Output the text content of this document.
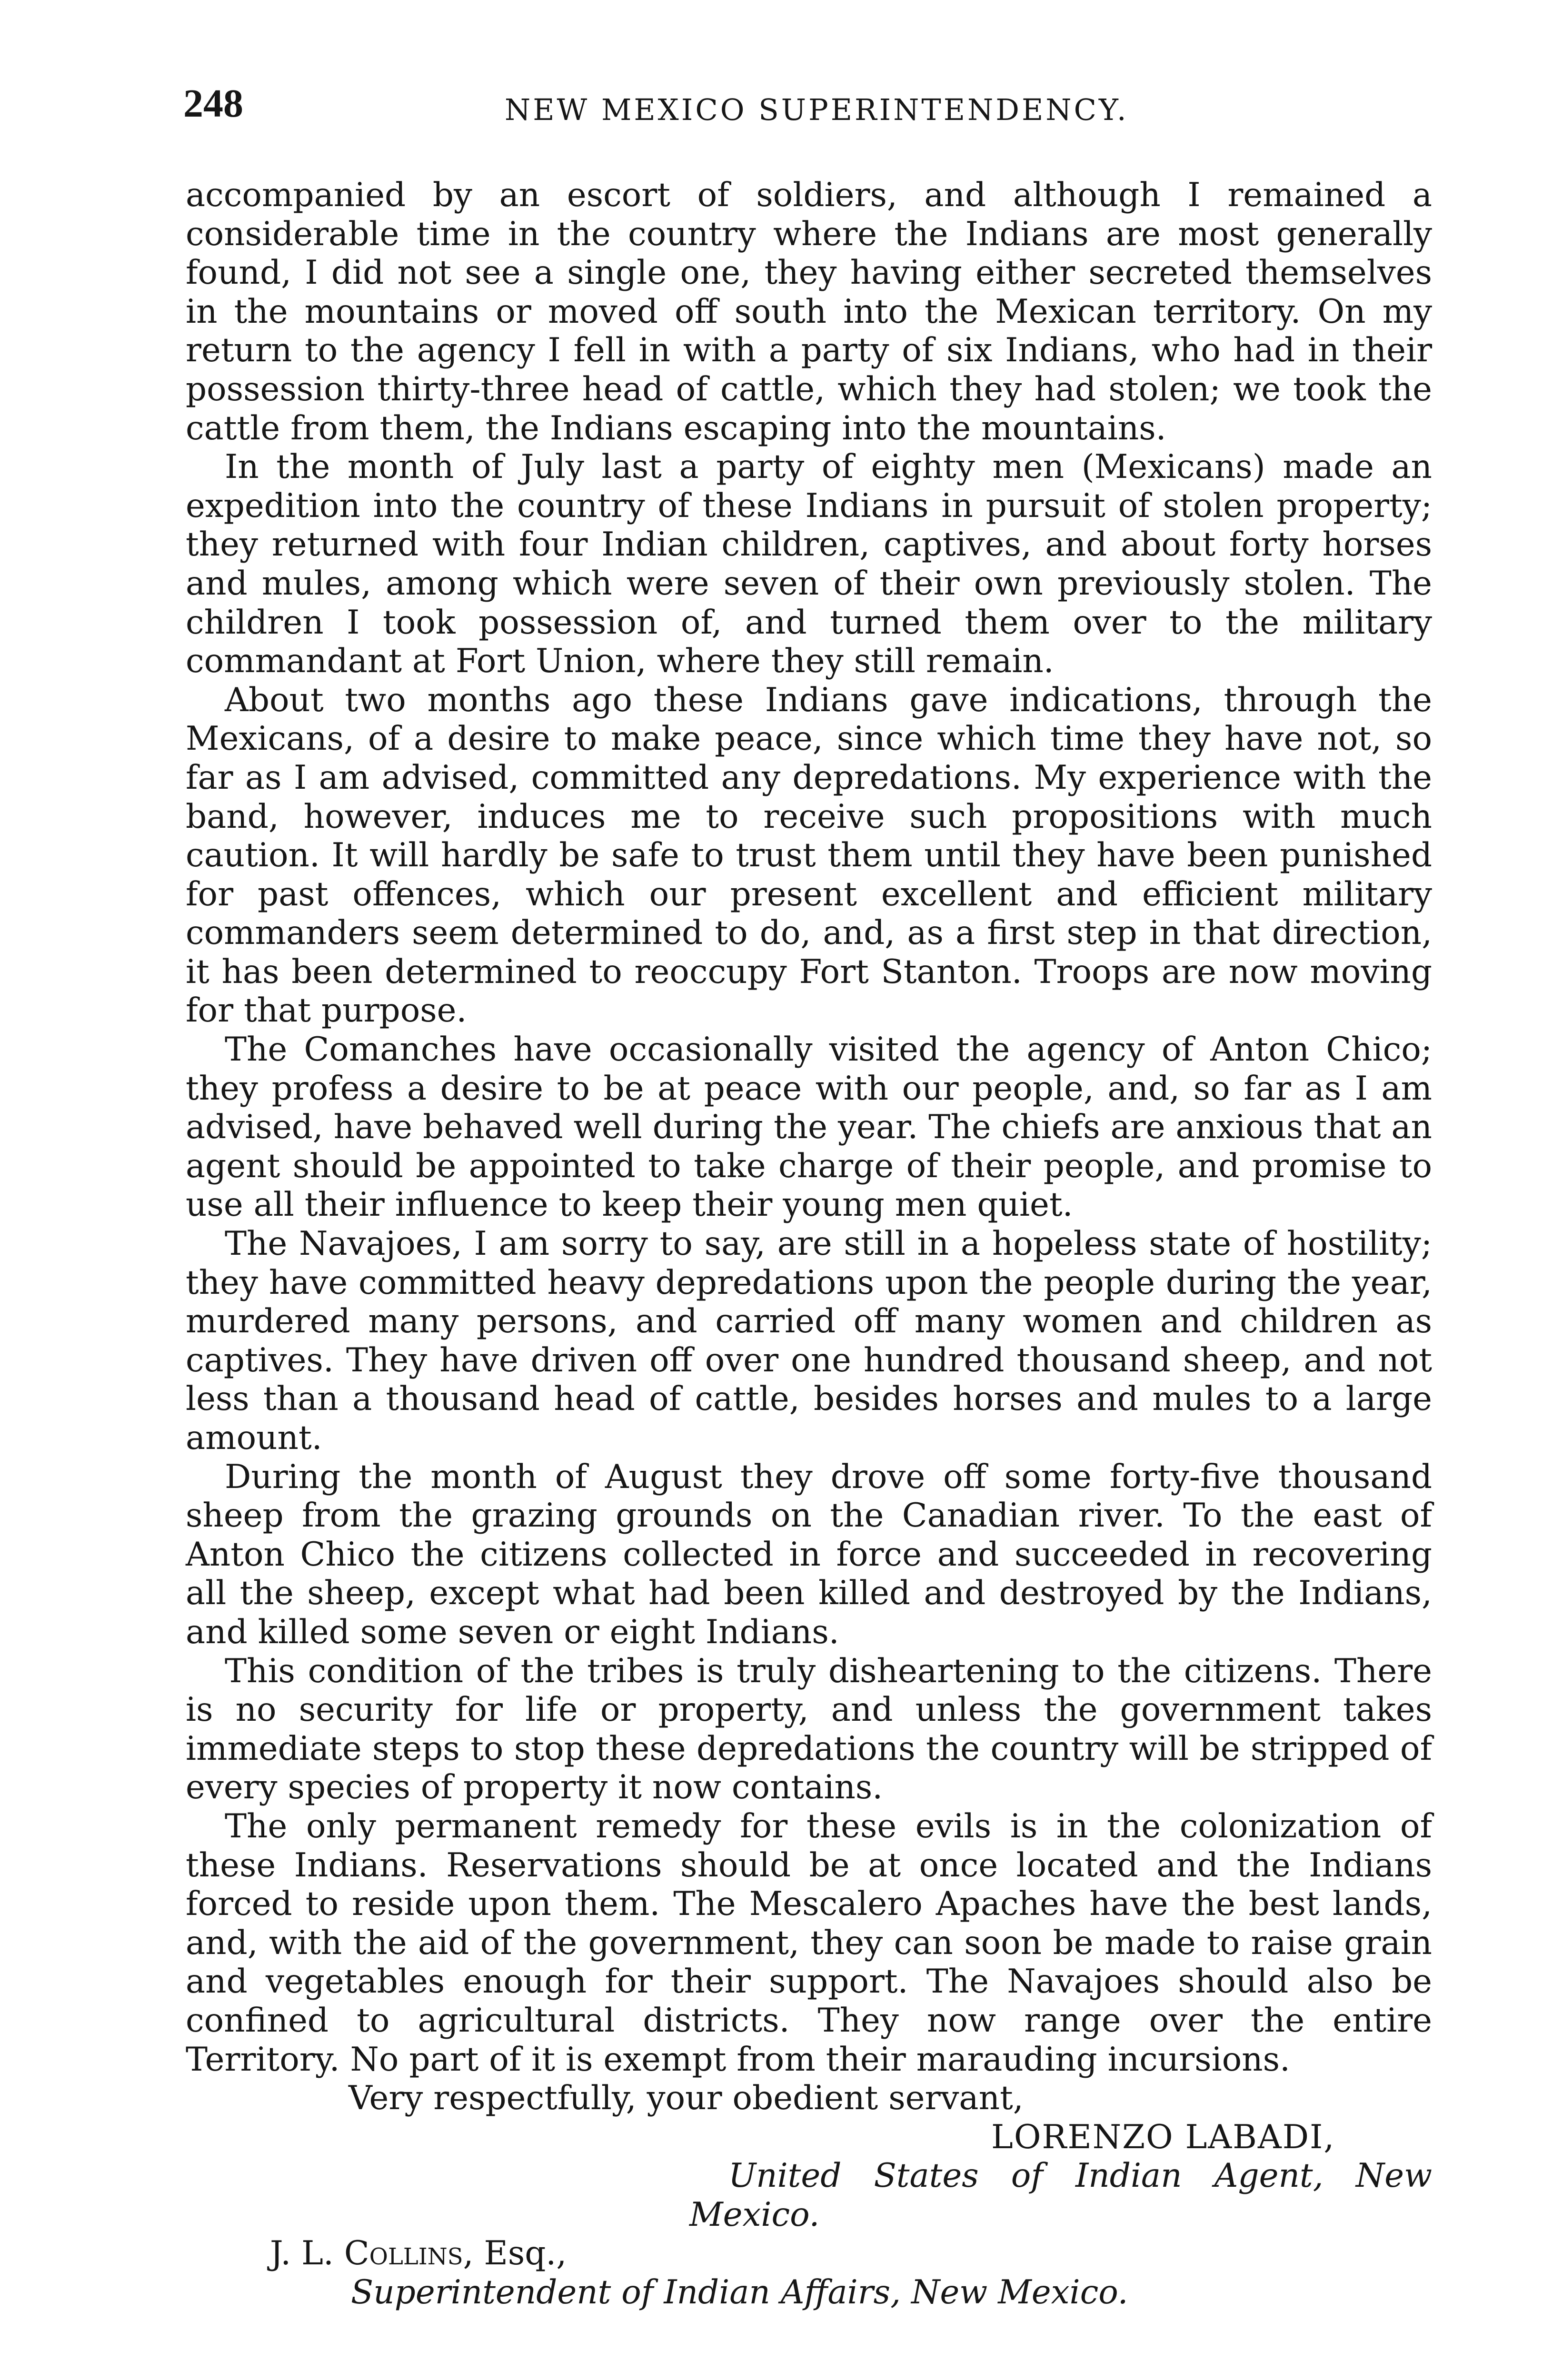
248	NEW MEXICO SUPERINTENDENCY.

accompanied by an escort of soldiers, and although I remained a considerable time in the country where the Indians are most generally found, I did not see a single one, they having either secreted themselves in the mountains or moved off south into the Mexican territory. On my return to the agency I fell in with a party of six Indians, who had in their possession thirty-three head of cattle, which they had stolen; we took the cattle from them, the Indians escaping into the mountains.

In the month of July last a party of eighty men (Mexicans) made an expedition into the country of these Indians in pursuit of stolen property; they returned with four Indian children, captives, and about forty horses and mules, among which were seven of their own previously stolen. The children I took possession of, and turned them over to the military commandant at Fort Union, where they still remain.

About two months ago these Indians gave indications, through the Mexicans, of a desire to make peace, since which time they have not, so far as I am advised, committed any depredations. My experience with the band, however, induces me to receive such propositions with much caution. It will hardly be safe to trust them until they have been punished for past offences, which our present excellent and efficient military commanders seem determined to do, and, as a first step in that direction, it has been determined to reoccupy Fort Stanton. Troops are now moving for that purpose.

The Comanches have occasionally visited the agency of Anton Chico; they profess a desire to be at peace with our people, and, so far as I am advised, have behaved well during the year. The chiefs are anxious that an agent should be appointed to take charge of their people, and promise to use all their influence to keep their young men quiet.

The Navajoes, I am sorry to say, are still in a hopeless state of hostility; they have committed heavy depredations upon the people during the year, murdered many persons, and carried off many women and children as captives. They have driven off over one hundred thousand sheep, and not less than a thousand head of cattle, besides horses and mules to a large amount.

During the month of August they drove off some forty-five thousand sheep from the grazing grounds on the Canadian river. To the east of Anton Chico the citizens collected in force and succeeded in recovering all the sheep, except what had been killed and destroyed by the Indians, and killed some seven or eight Indians.

This condition of the tribes is truly disheartening to the citizens. There is no security for life or property, and unless the government takes immediate steps to stop these depredations the country will be stripped of every species of property it now contains.

The only permanent remedy for these evils is in the colonization of these Indians. Reservations should be at once located and the Indians forced to reside upon them. The Mescalero Apaches have the best lands, and, with the aid of the government, they can soon be made to raise grain and vegetables enough for their support. The Navajoes should also be confined to agricultural districts. They now range over the entire Territory. No part of it is exempt from their marauding incursions.

Very respectfully, your obedient servant,

LORENZO LABADI,

United States of Indian Agent, New Mexico.

J. L. Collins, Esq.,

Superintendent of Indian Affairs, New Mexico.
